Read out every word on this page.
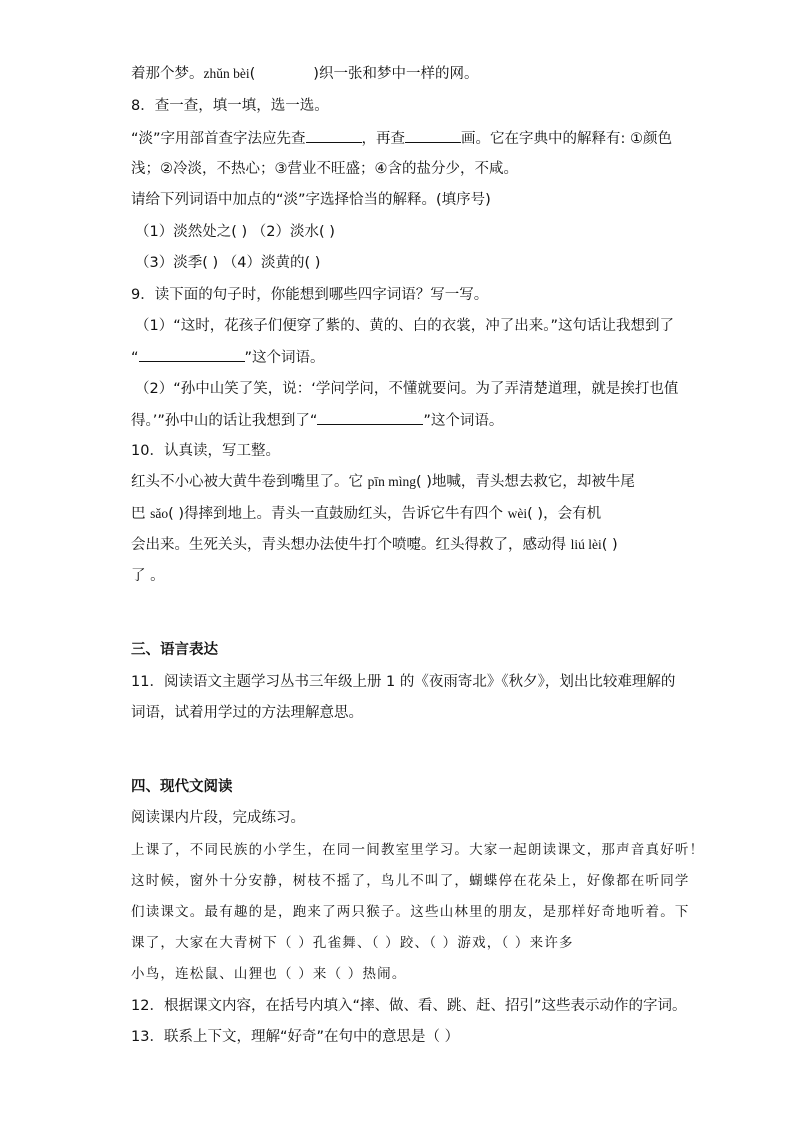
着那个梦。zhǔn bèi(	)织一张和梦中一样的网。
8．查一查，填一填，选一选。
“淡”字用部首查字法应先查	，再查	画。它在字典中的解释有: ①颜色
浅；②冷淡，不热心；③营业不旺盛；④含的盐分少，不咸。
请给下列词语中加点的“淡”字选择恰当的解释。(填序号)
（1）淡然处之( ) （2）淡水( )
（3）淡季( ) （4）淡黄的( )
9．读下面的句子时，你能想到哪些四字词语？写一写。
（1）“这时，花孩子们便穿了紫的、黄的、白的衣裳，冲了出来。”这句话让我想到了
“	”这个词语。
（2）“孙中山笑了笑，说：‘学问学问，不懂就要问。为了弄清楚道理，就是挨打也值
得。’”孙中山的话让我想到了“	”这个词语。
10．认真读，写工整。
红头不小心被大黄牛卷到嘴里了。它 pīn mìng( )地喊，青头想去救它，却被牛尾
巴 sǎo( )得摔到地上。青头一直鼓励红头，告诉它牛有四个 wèi( )，会有机
会出来。生死关头，青头想办法使牛打个喷嚏。红头得救了，感动得 liú lèi( )
了 。
三、语言表达
11．阅读语文主题学习丛书三年级上册 1 的《夜雨寄北》《秋夕》，划出比较难理解的
词语，试着用学过的方法理解意思。
四、现代文阅读
阅读课内片段，完成练习。
上课了，不同民族的小学生，在同一间教室里学习。大家一起朗读课文，那声音真好听！
这时候，窗外十分安静，树枝不摇了，鸟儿不叫了，蝴蝶停在花朵上，好像都在听同学
们读课文。最有趣的是，跑来了两只猴子。这些山林里的朋友，是那样好奇地听着。下
课了，大家在大青树下（ ）孔雀舞、（ ）跤、（ ）游戏，（ ）来许多
小鸟，连松鼠、山狸也（ ）来（ ）热闹。
12．根据课文内容，在括号内填入“摔、做、看、跳、赶、招引”这些表示动作的字词。
13．联系上下文，理解“好奇”在句中的意思是（ ）
